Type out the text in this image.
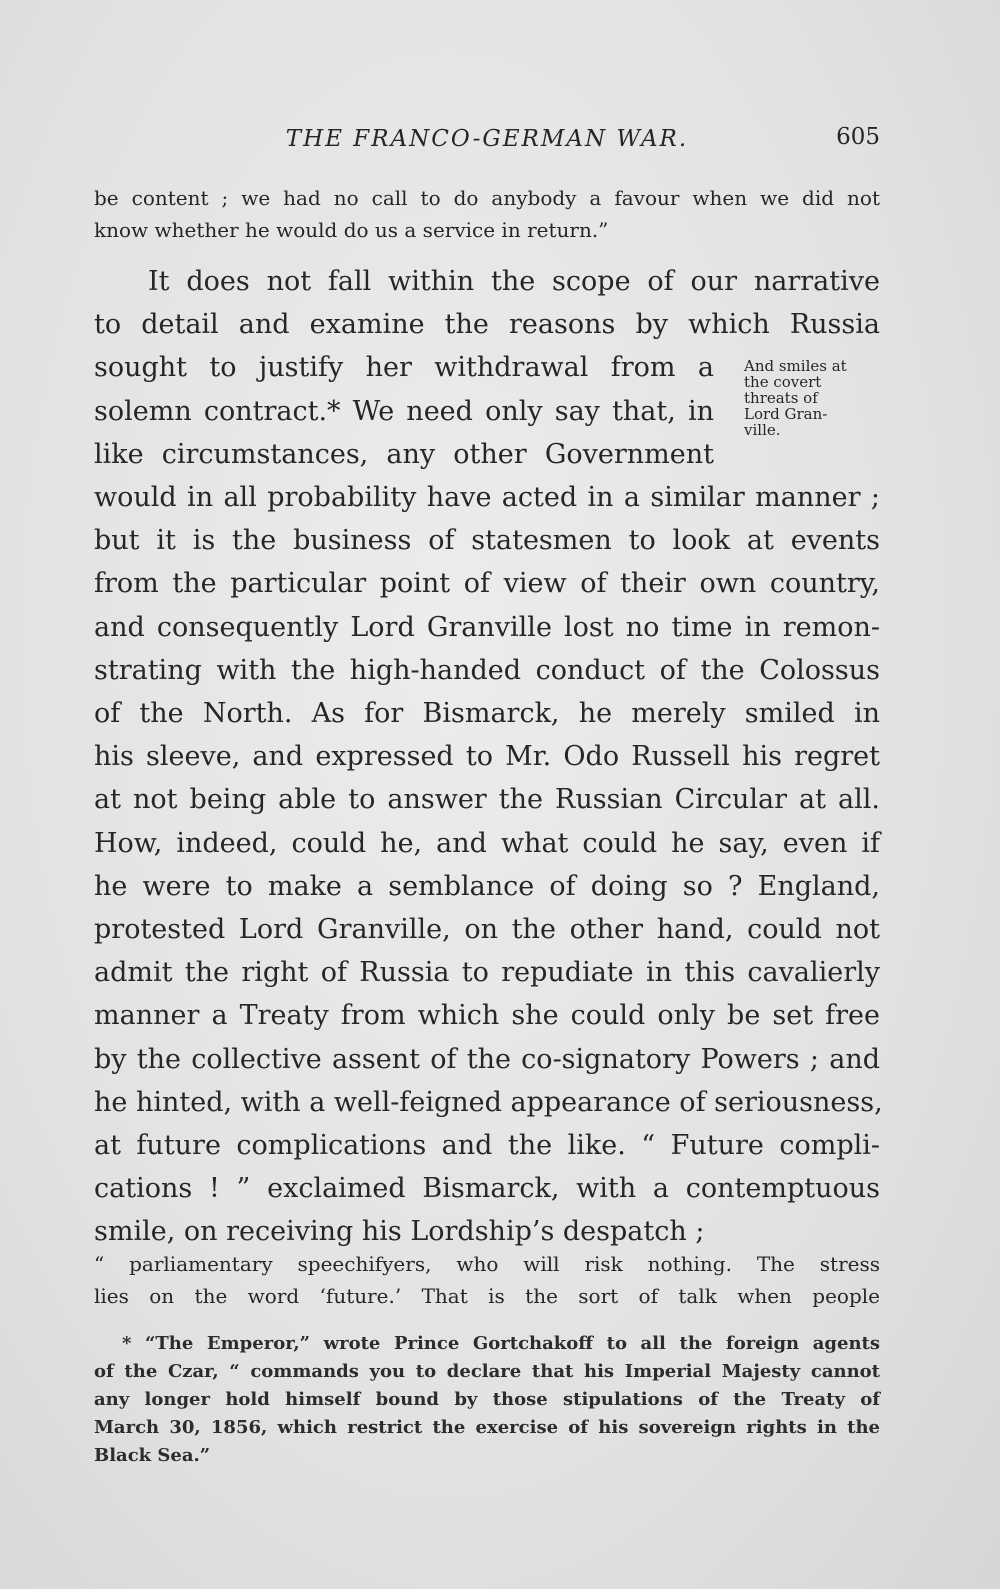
THE FRANCO-GERMAN WAR.	605

be content ; we had no call to do anybody a favour when we did not
know whether he would do us a service in return.”

It does not fall within the scope of our narrative
to detail and examine the reasons by which Russia
sought to justify her withdrawal from a
solemn contract.* We need only say that, in
like circumstances, any other Government
would in all probability have acted in a similar manner ;
but it is the business of statesmen to look at events
from the particular point of view of their own country,
and consequently Lord Granville lost no time in remon-
strating with the high-handed conduct of the Colossus
of the North. As for Bismarck, he merely smiled in
his sleeve, and expressed to Mr. Odo Russell his regret
at not being able to answer the Russian Circular at all.
How, indeed, could he, and what could he say, even if
he were to make a semblance of doing so ? England,
protested Lord Granville, on the other hand, could not
admit the right of Russia to repudiate in this cavalierly
manner a Treaty from which she could only be set free
by the collective assent of the co-signatory Powers ; and
he hinted, with a well-feigned appearance of seriousness,
at future complications and the like. “ Future compli-
cations ! ” exclaimed Bismarck, with a contemptuous
smile, on receiving his Lordship’s despatch ;

And smiles at
the covert
threats of
Lord Gran-
ville.

“ parliamentary speechifyers, who will risk nothing. The stress
lies on the word ‘future.’ That is the sort of talk when people

* “The Emperor,” wrote Prince Gortchakoff to all the foreign agents
of the Czar, “ commands you to declare that his Imperial Majesty cannot
any longer hold himself bound by those stipulations of the Treaty of
March 30, 1856, which restrict the exercise of his sovereign rights in the
Black Sea.”
